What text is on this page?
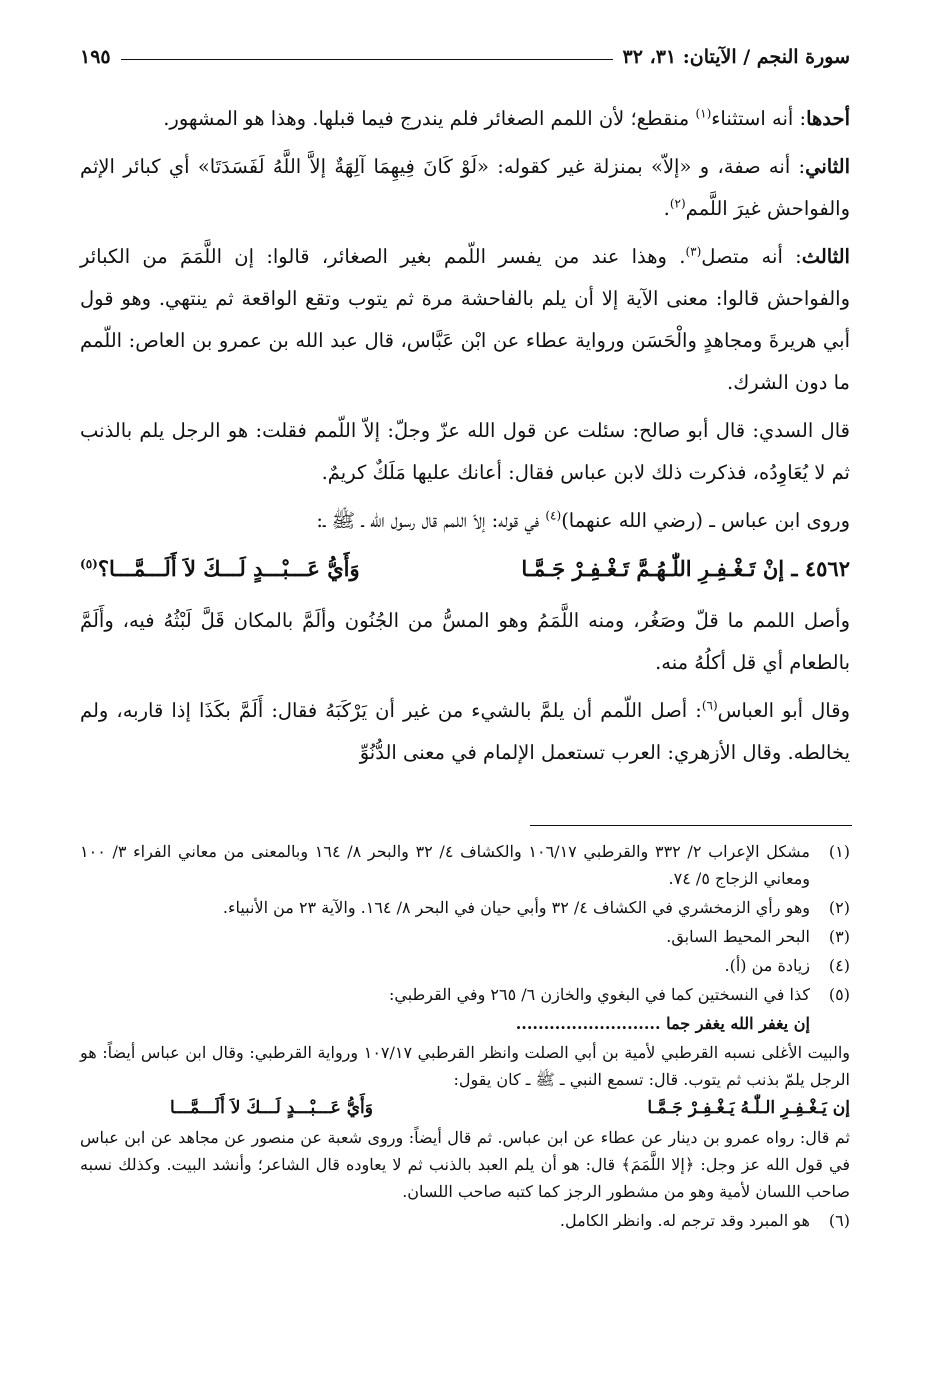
سورة النجم / الآيتان: ٣١، ٣٢
١٩٥

أحدها: أنه استثناء$^{(١)}$ منقطع؛ لأن اللمم الصغائر فلم يندرج فيما قبلها. وهذا هو المشهور.

الثاني: أنه صفة، و «إلاّ» بمنزلة غير كقوله: «لَوْ كَانَ فِيهِمَا آلِهَةٌ إلاَّ اللَّهُ لَفَسَدَتَا» أي كبائر الإثم والفواحش غيرَ اللَّمم$^{(٢)}$.

الثالث: أنه متصل$^{(٣)}$. وهذا عند من يفسر اللّمم بغير الصغائر، قالوا: إن اللَّمَمَ من الكبائر والفواحش قالوا: معنى الآية إلا أن يلم بالفاحشة مرة ثم يتوب وتقع الواقعة ثم ينتهي. وهو قول أبي هريرةَ ومجاهدٍ والْحَسَن ورواية عطاء عن ابْن عَبَّاس، قال عبد الله بن عمرو بن العاص: اللّمم ما دون الشرك.

قال السدي: قال أبو صالح: سئلت عن قول الله عزّ وجلّ: إلاّ اللّمم فقلت: هو الرجل يلم بالذنب ثم لا يُعَاوِدُه، فذكرت ذلك لابن عباس فقال: أعانك عليها مَلَكٌ كريمٌ.

وروى ابن عباس ـ (رضي الله عنهما)$^{(٤)}$ في قوله: إلاّ اللمم قال رسول الله ـ ﷺ ـ:

٤٥٦٢ ـ إنْ تَـغْـفِـرِ اللّٰـهُـمَّ تَـغْـفِـرْ جَـمَّـا
وَأَيُّ عَـــبْـــدٍ لَـــكَ لاَ أَلَـــمَّـــا؟$^{(٥)}$

وأصل اللمم ما قلّ وصَغُر، ومنه اللَّمَمُ وهو المسُّ من الجُنُون وألَمَّ بالمكان قَلَّ لَبْثُهُ فيه، وأَلَمَّ بالطعام أي قل أكلُهُ منه.

وقال أبو العباس$^{(٦)}$: أصل اللّمم أن يلمَّ بالشيء من غير أن يَرْكَبَهُ فقال: أَلَمَّ بكَذَا إذا قاربه، ولم يخالطه. وقال الأزهري: العرب تستعمل الإلمام في معنى الدُّنُوِّ

(١)
مشكل الإعراب ٢/ ٣٣٢ والقرطبي ١٠٦/١٧ والكشاف ٤/ ٣٢ والبحر ٨/ ١٦٤ وبالمعنى من معاني الفراء ٣/ ١٠٠ ومعاني الزجاج ٥/ ٧٤.
(٢)
وهو رأي الزمخشري في الكشاف ٤/ ٣٢ وأبي حيان في البحر ٨/ ١٦٤. والآية ٢٣ من الأنبياء.
(٣)
البحر المحيط السابق.
(٤)
زيادة من (أ).
(٥)
كذا في النسختين كما في البغوي والخازن ٦/ ٢٦٥ وفي القرطبي:
إن يغفر الله يغفر جما ..........................
والبيت الأغلى نسبه القرطبي لأمية بن أبي الصلت وانظر القرطبي ١٠٧/١٧ ورواية القرطبي: وقال ابن عباس أيضاً: هو الرجل يلمّ بذنب ثم يتوب. قال: تسمع النبي ـ ﷺ ـ كان يقول:
إن يَـغْـفِـرِ الـلّٰـهُ يَـغْـفِـرْ جَـمَّـا
وَأَيُّ عَـــبْـــدٍ لَـــكَ لاَ أَلَـــمَّـــا
ثم قال: رواه عمرو بن دينار عن عطاء عن ابن عباس. ثم قال أيضاً: وروى شعبة عن منصور عن مجاهد عن ابن عباس في قول الله عز وجل: ﴿إلا اللَّمَمَ﴾ قال: هو أن يلم العبد بالذنب ثم لا يعاوده قال الشاعر؛ وأنشد البيت. وكذلك نسبه صاحب اللسان لأمية وهو من مشطور الرجز كما كتبه صاحب اللسان.
(٦)
هو المبرد وقد ترجم له. وانظر الكامل.
